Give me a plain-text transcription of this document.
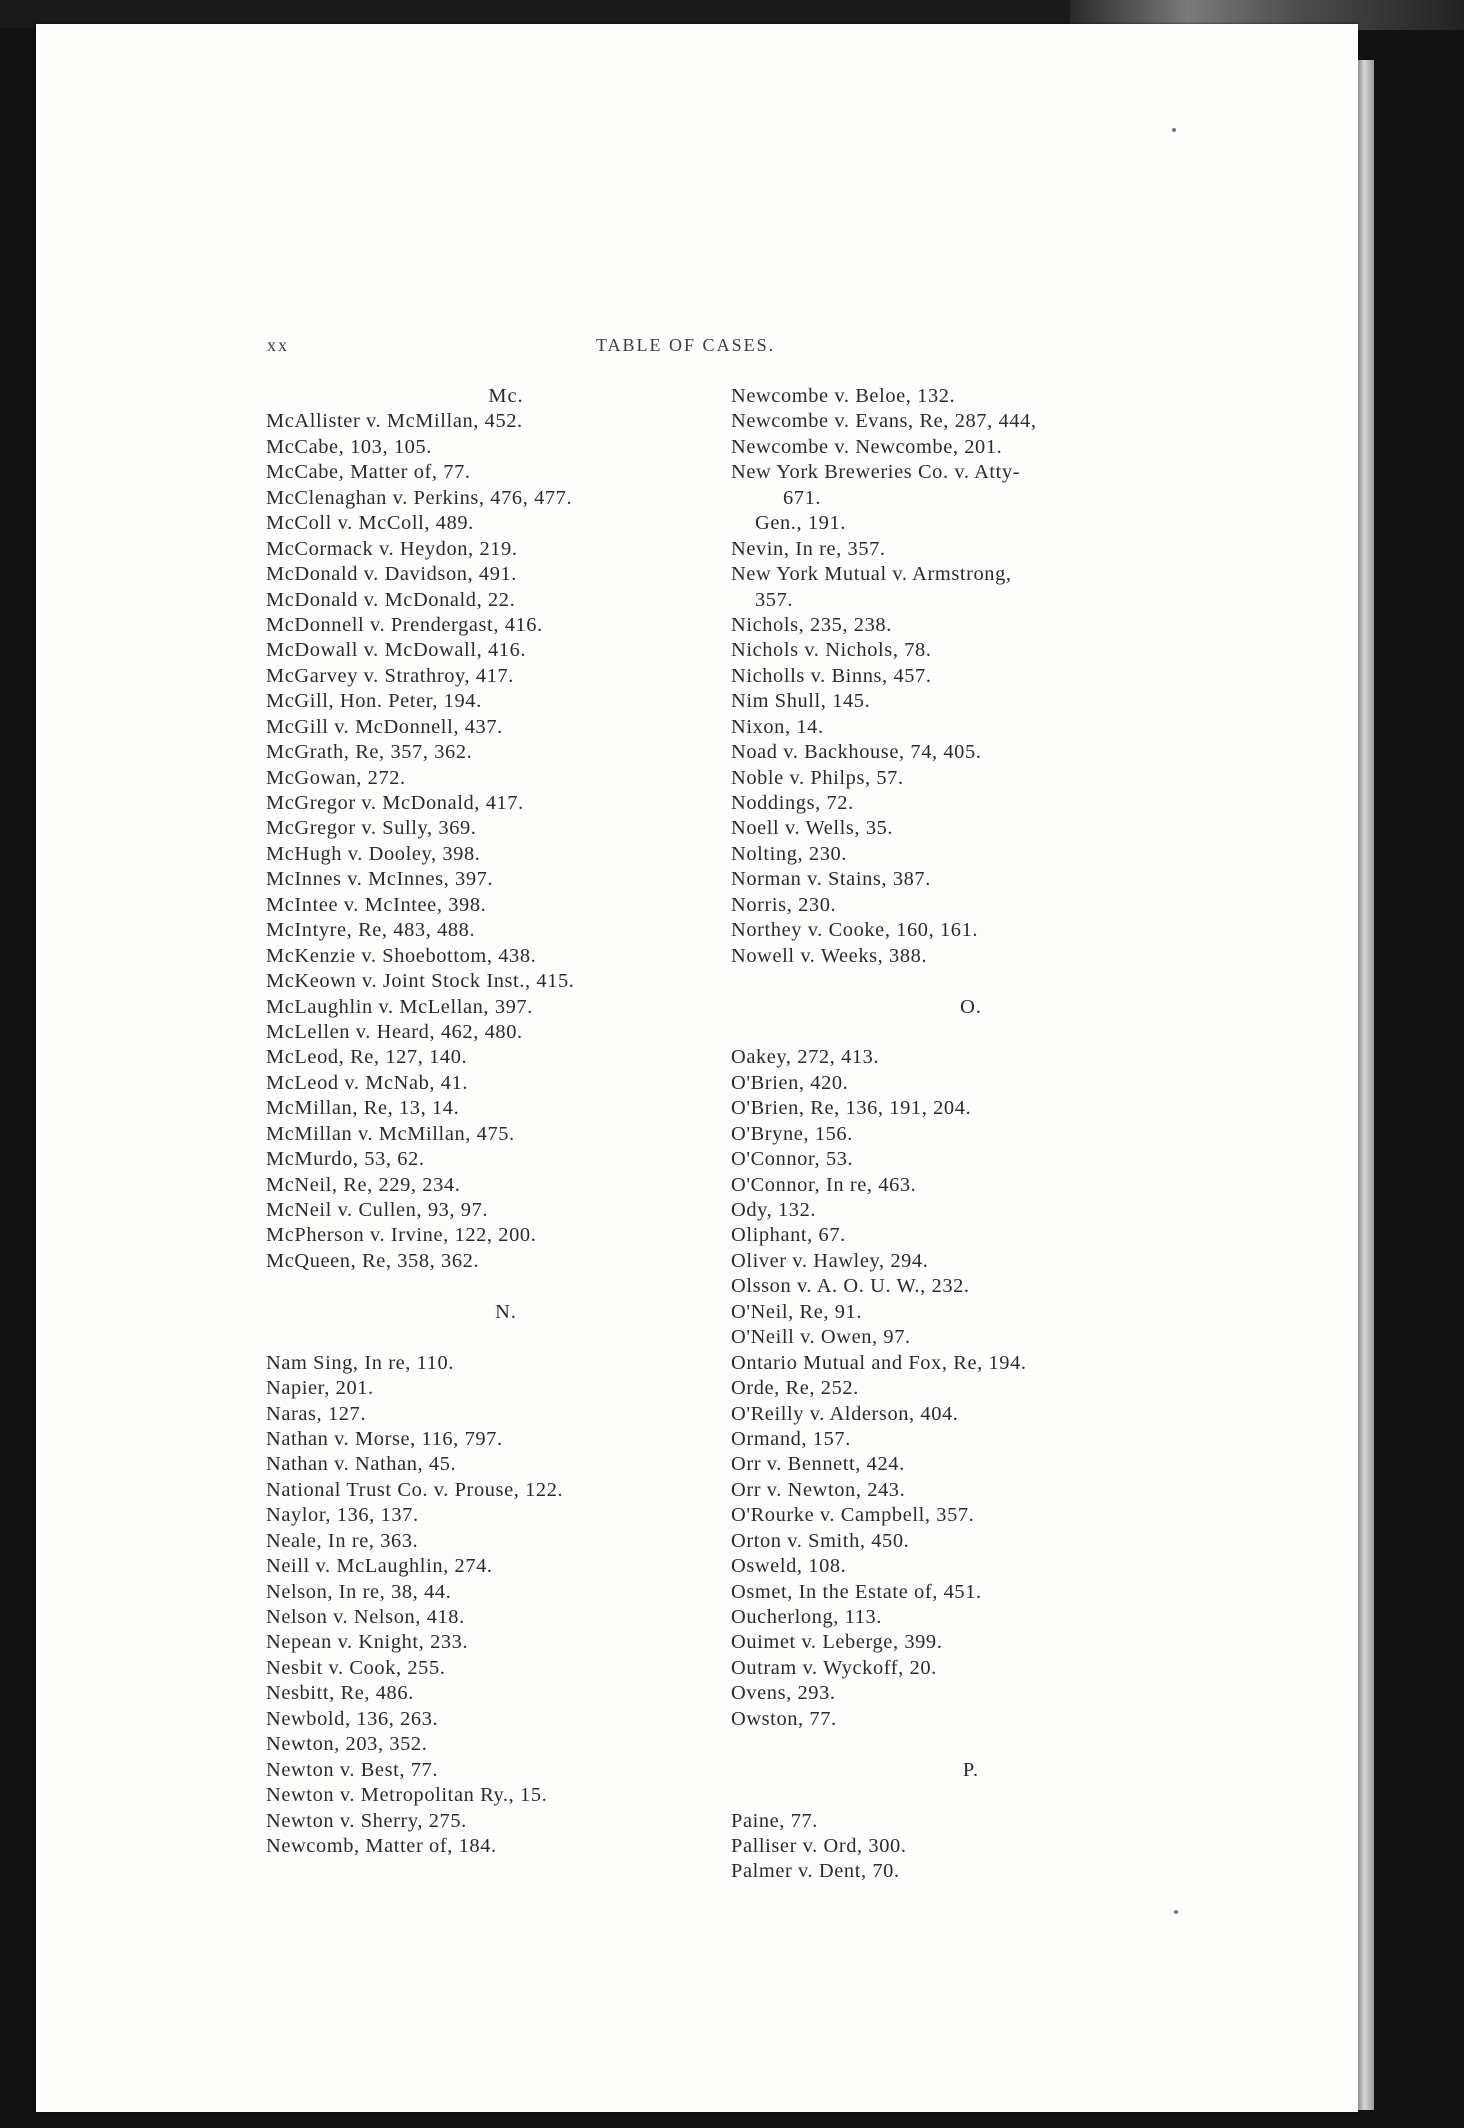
xx	TABLE OF CASES.
Mc.
McAllister v. McMillan, 452.
McCabe, 103, 105.
McCabe, Matter of, 77.
McClenaghan v. Perkins, 476, 477.
McColl v. McColl, 489.
McCormack v. Heydon, 219.
McDonald v. Davidson, 491.
McDonald v. McDonald, 22.
McDonnell v. Prendergast, 416.
McDowall v. McDowall, 416.
McGarvey v. Strathroy, 417.
McGill, Hon. Peter, 194.
McGill v. McDonnell, 437.
McGrath, Re, 357, 362.
McGowan, 272.
McGregor v. McDonald, 417.
McGregor v. Sully, 369.
McHugh v. Dooley, 398.
McInnes v. McInnes, 397.
McIntee v. McIntee, 398.
McIntyre, Re, 483, 488.
McKenzie v. Shoebottom, 438.
McKeown v. Joint Stock Inst., 415.
McLaughlin v. McLellan, 397.
McLellen v. Heard, 462, 480.
McLeod, Re, 127, 140.
McLeod v. McNab, 41.
McMillan, Re, 13, 14.
McMillan v. McMillan, 475.
McMurdo, 53, 62.
McNeil, Re, 229, 234.
McNeil v. Cullen, 93, 97.
McPherson v. Irvine, 122, 200.
McQueen, Re, 358, 362.
N.
Nam Sing, In re, 110.
Napier, 201.
Naras, 127.
Nathan v. Morse, 116, 797.
Nathan v. Nathan, 45.
National Trust Co. v. Prouse, 122.
Naylor, 136, 137.
Neale, In re, 363.
Neill v. McLaughlin, 274.
Nelson, In re, 38, 44.
Nelson v. Nelson, 418.
Nepean v. Knight, 233.
Nesbit v. Cook, 255.
Nesbitt, Re, 486.
Newbold, 136, 263.
Newton, 203, 352.
Newton v. Best, 77.
Newton v. Metropolitan Ry., 15.
Newton v. Sherry, 275.
Newcomb, Matter of, 184.
Newcombe v. Beloe, 132.
Newcombe v. Evans, Re, 287, 444,
Newcombe v. Newcombe, 201.
New York Breweries Co. v. Atty-
671.
Gen., 191.
Nevin, In re, 357.
New York Mutual v. Armstrong,
357.
Nichols, 235, 238.
Nichols v. Nichols, 78.
Nicholls v. Binns, 457.
Nim Shull, 145.
Nixon, 14.
Noad v. Backhouse, 74, 405.
Noble v. Philps, 57.
Noddings, 72.
Noell v. Wells, 35.
Nolting, 230.
Norman v. Stains, 387.
Norris, 230.
Northey v. Cooke, 160, 161.
Nowell v. Weeks, 388.
O.
Oakey, 272, 413.
O'Brien, 420.
O'Brien, Re, 136, 191, 204.
O'Bryne, 156.
O'Connor, 53.
O'Connor, In re, 463.
Ody, 132.
Oliphant, 67.
Oliver v. Hawley, 294.
Olsson v. A. O. U. W., 232.
O'Neil, Re, 91.
O'Neill v. Owen, 97.
Ontario Mutual and Fox, Re, 194.
Orde, Re, 252.
O'Reilly v. Alderson, 404.
Ormand, 157.
Orr v. Bennett, 424.
Orr v. Newton, 243.
O'Rourke v. Campbell, 357.
Orton v. Smith, 450.
Osweld, 108.
Osmet, In the Estate of, 451.
Oucherlong, 113.
Ouimet v. Leberge, 399.
Outram v. Wyckoff, 20.
Ovens, 293.
Owston, 77.
P.
Paine, 77.
Palliser v. Ord, 300.
Palmer v. Dent, 70.
